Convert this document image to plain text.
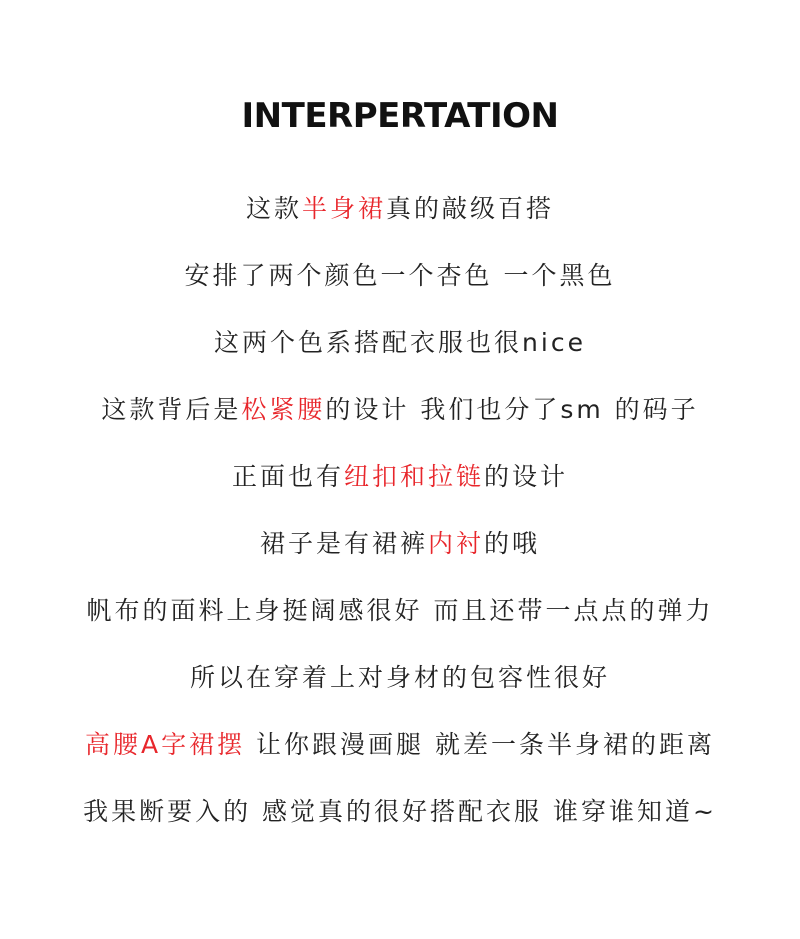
INTERPERTATION
这款半身裙真的敲级百搭
安排了两个颜色一个杏色 一个黑色
这两个色系搭配衣服也很nice
这款背后是松紧腰的设计 我们也分了sm 的码子
正面也有纽扣和拉链的设计
裙子是有裙裤内衬的哦
帆布的面料上身挺阔感很好 而且还带一点点的弹力
所以在穿着上对身材的包容性很好
高腰A字裙摆 让你跟漫画腿 就差一条半身裙的距离
我果断要入的 感觉真的很好搭配衣服 谁穿谁知道~
